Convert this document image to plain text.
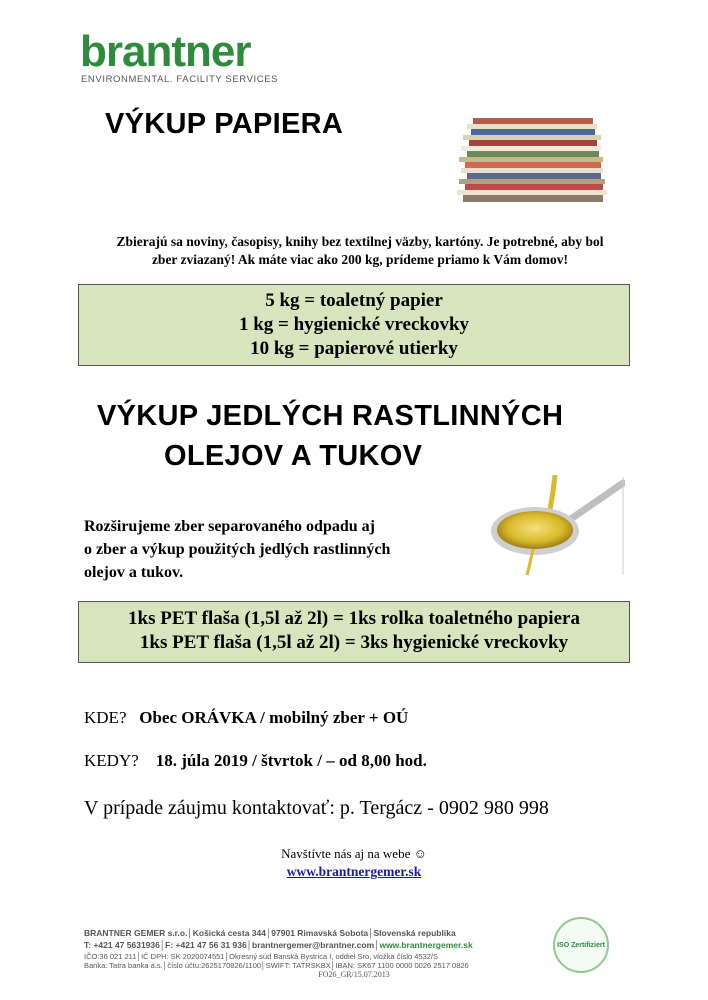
brantner
ENVIRONMENTAL. FACILITY SERVICES
VÝKUP PAPIERA
Zbierajú sa noviny, časopisy, knihy bez textilnej väzby, kartóny. Je potrebné, aby bol
zber zviazaný! Ak máte viac ako 200 kg, prídeme priamo k Vám domov!
5 kg = toaletný papier
1 kg = hygienické vreckovky
10 kg = papierové utierky
VÝKUP JEDLÝCH RASTLINNÝCH
OLEJOV A TUKOV
Rozširujeme zber separovaného odpadu aj
o zber a výkup použitých jedlých rastlinných
olejov a tukov.
1ks PET flaša (1,5l až 2l) = 1ks rolka toaletného papiera
1ks PET flaša (1,5l až 2l) = 3ks hygienické vreckovky
KDE? Obec ORÁVKA / mobilný zber + OÚ
KEDY? 18. júla 2019 / štvrtok / – od 8,00 hod.
V prípade záujmu kontaktovať: p. Tergácz - 0902 980 998
Navštívte nás aj na webe ☺
www.brantnergemer.sk
BRANTNER GEMER s.r.o.│Košická cesta 344│97901 Rimavská Sobota│Slovenská republika
T: +421 47 5631936│F: +421 47 56 31 936│brantnergemer@brantner.com│www.brantnergemer.sk
IČO:36 021 211│IČ DPH: SK 2020074551│Okresný súd Banská Bystrica I, oddiel Sro, vložka číslo 4532/S
Banka: Tatra banka a.s.│číslo účtu:2625170826/1100│SWIFT: TATRSKBX│IBAN: SK67 1100 0000 0026 2517 0826
FO26_GR/15.07.2013
ISO Zertifiziert
